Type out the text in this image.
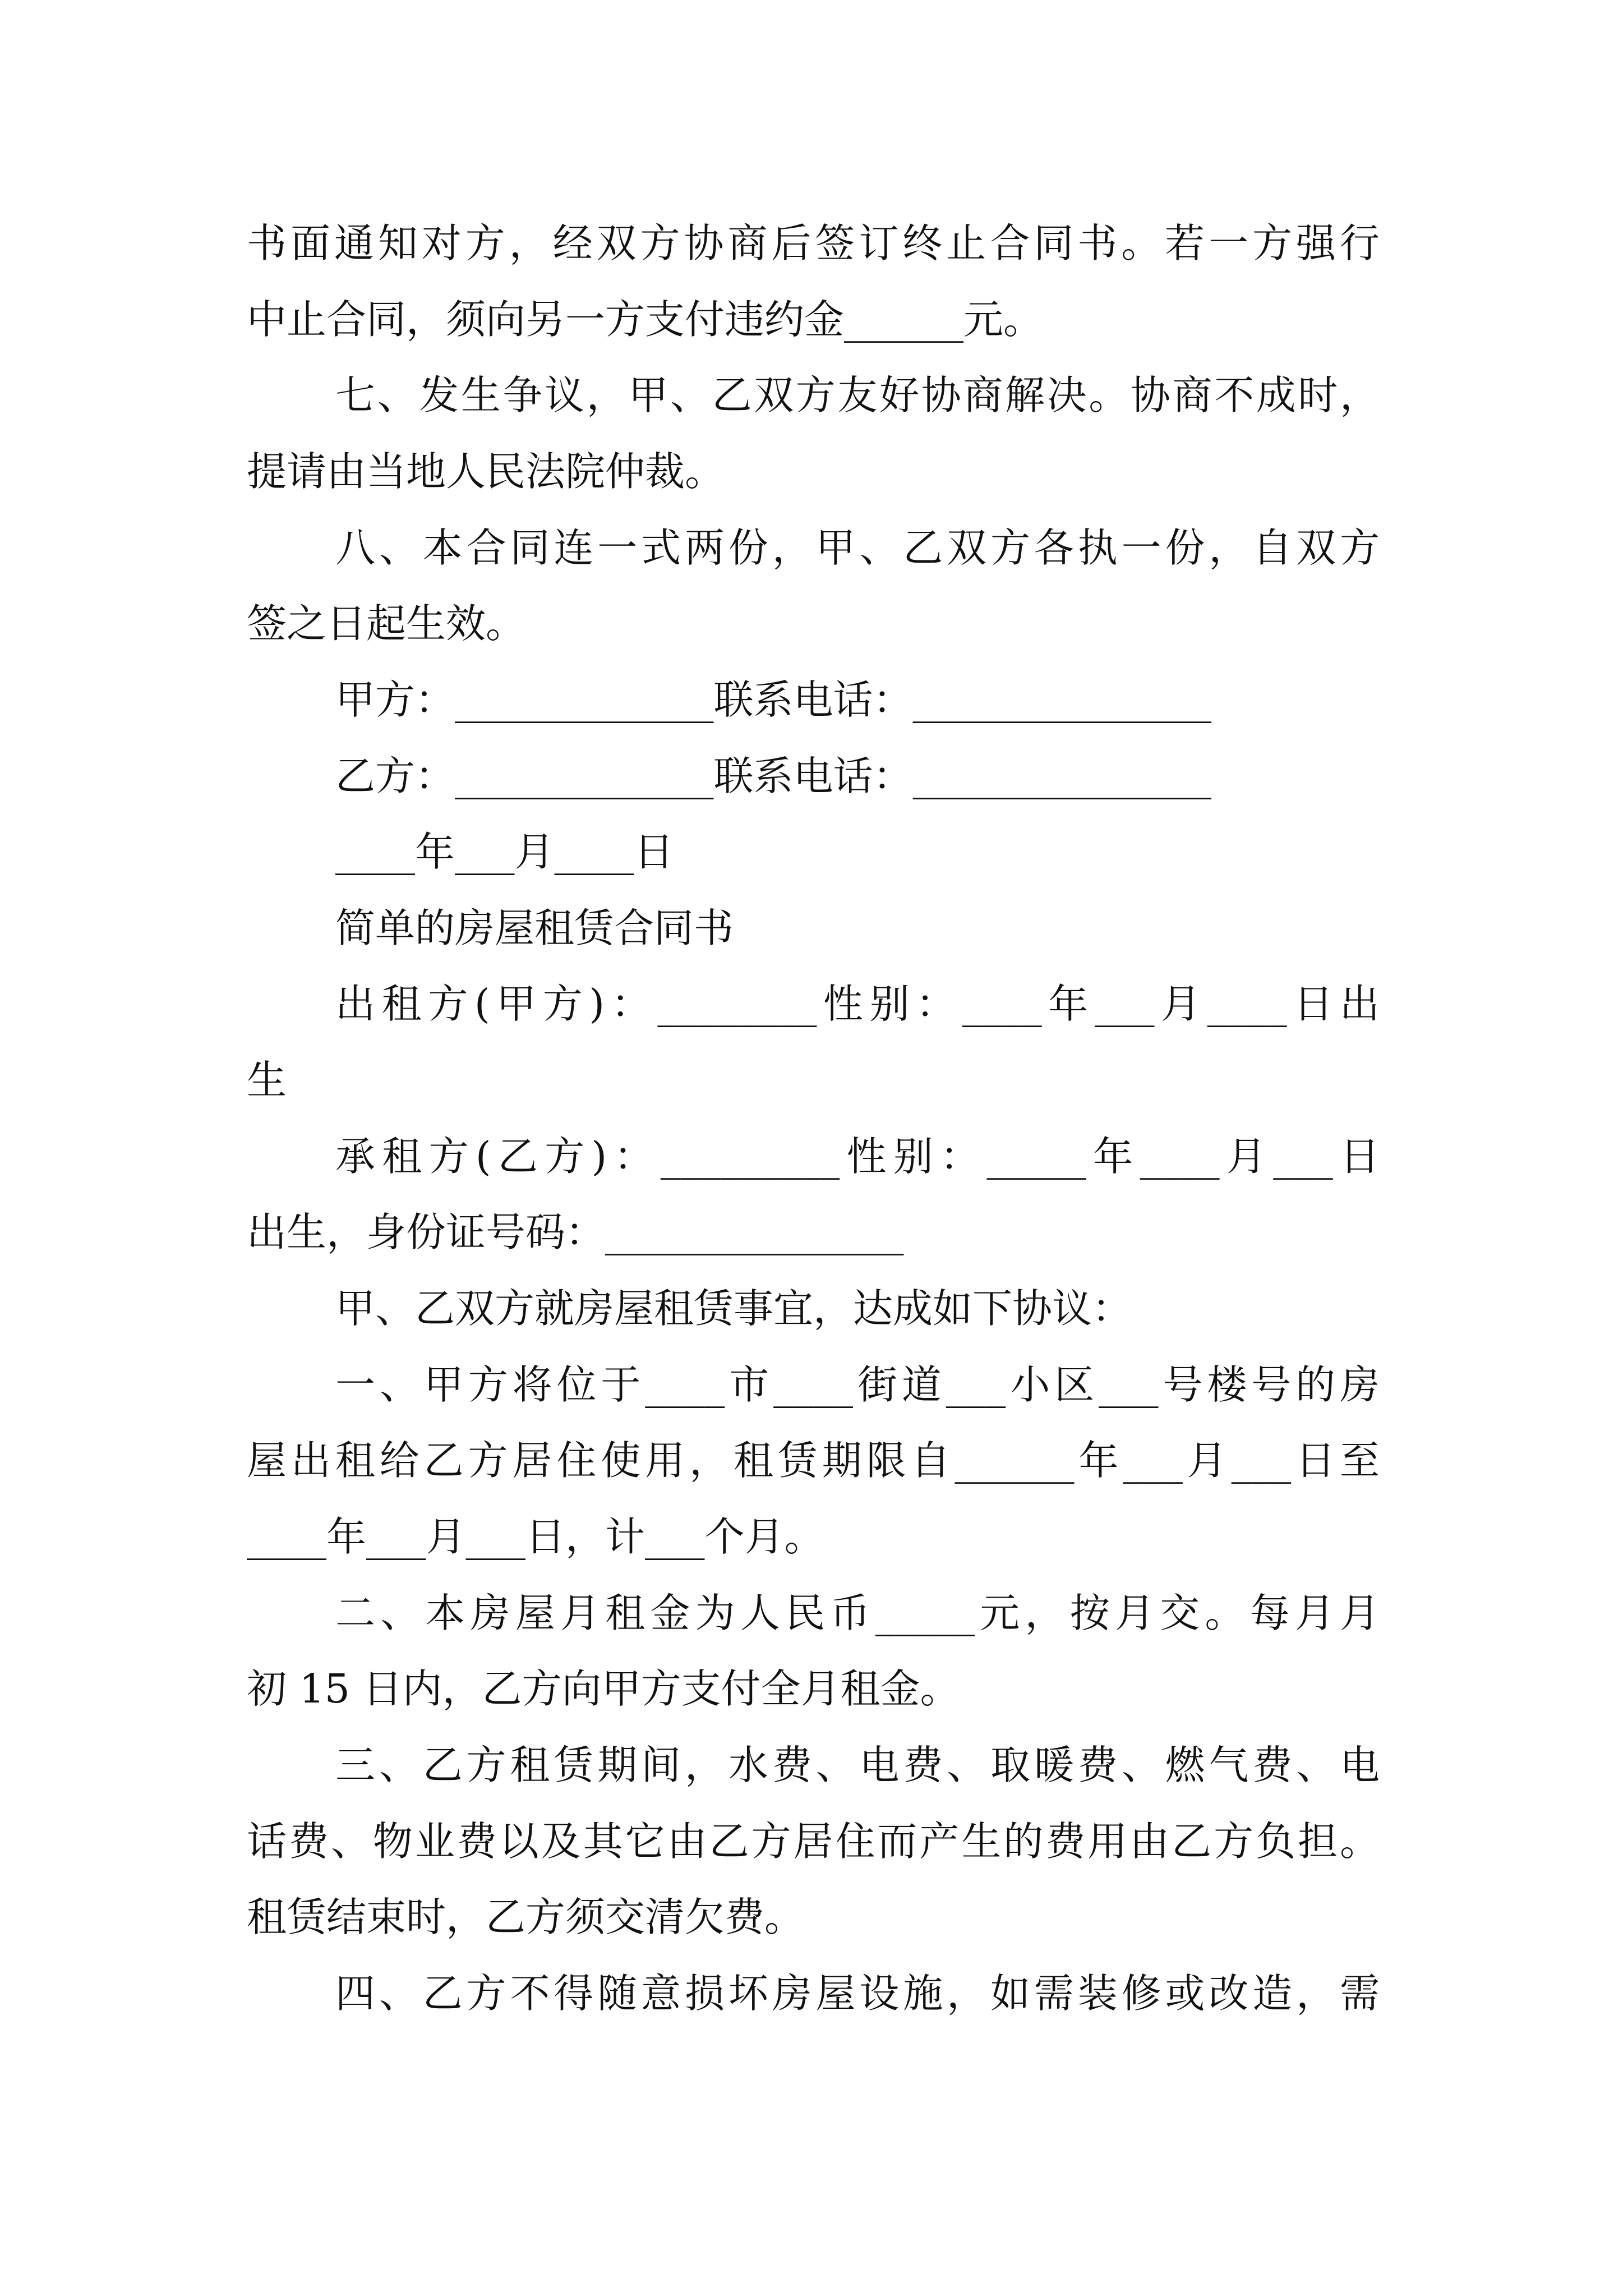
书面通知对方，经双方协商后签订终止合同书。若一方强行
中止合同，须向另一方支付违约金______元。
七、发生争议，甲、乙双方友好协商解决。协商不成时，
提请由当地人民法院仲裁。
八、本合同连一式两份，甲、乙双方各执一份，自双方
签之日起生效。
甲方：_____________联系电话：_______________
乙方：_____________联系电话：_______________
____年___月____日
简单的房屋租赁合同书
出租方(甲方)：________性别：____年___月____日出
生
承租方(乙方)：_________性别：_____年____月___日
出生，身份证号码：_______________
甲、乙双方就房屋租赁事宜，达成如下协议：
一、甲方将位于____市____街道___小区___号楼号的房
屋出租给乙方居住使用，租赁期限自______年___月___日至
____年___月___日，计___个月。
二、本房屋月租金为人民币_____元，按月交。每月月
初 15 日内，乙方向甲方支付全月租金。
三、乙方租赁期间，水费、电费、取暖费、燃气费、电
话费、物业费以及其它由乙方居住而产生的费用由乙方负担。
租赁结束时，乙方须交清欠费。
四、乙方不得随意损坏房屋设施，如需装修或改造，需
